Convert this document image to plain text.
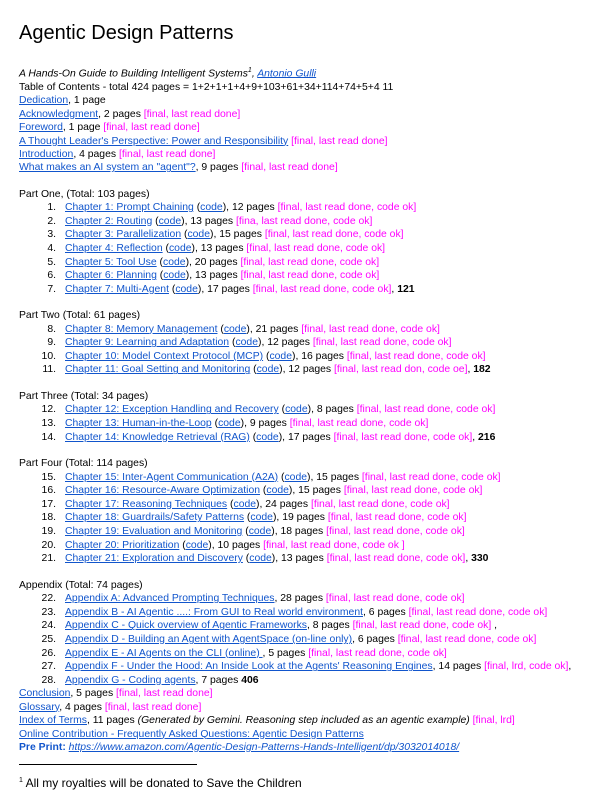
Agentic Design Patterns
A Hands-On Guide to Building Intelligent Systems$^1$, Antonio Gulli
Table of Contents - total 424 pages = 1+2+1+1+4+9+103+61+34+114+74+5+4 11
Dedication, 1 page
Acknowledgment, 2 pages [final, last read done]
Foreword, 1 page [final, last read done]
A Thought Leader's Perspective: Power and Responsibility [final, last read done]
Introduction, 4 pages [final, last read done]
What makes an AI system an "agent"?, 9 pages [final, last read done]
Part One, (Total: 103 pages)
1. Chapter 1: Prompt Chaining (code), 12 pages [final, last read done, code ok]
2. Chapter 2: Routing (code), 13 pages [fina, last read done, code ok]
3. Chapter 3: Parallelization (code), 15 pages [final, last read done, code ok]
4. Chapter 4: Reflection (code), 13 pages [final, last read done, code ok]
5. Chapter 5: Tool Use (code), 20 pages [final, last read done, code ok]
6. Chapter 6: Planning (code), 13 pages [final, last read done, code ok]
7. Chapter 7: Multi-Agent (code), 17 pages [final, last read done, code ok], 121
Part Two (Total: 61 pages)
8. Chapter 8: Memory Management (code), 21 pages [final, last read done, code ok]
9. Chapter 9: Learning and Adaptation (code), 12 pages [final, last read done, code ok]
10. Chapter 10: Model Context Protocol (MCP) (code), 16 pages [final, last read done, code ok]
11. Chapter 11: Goal Setting and Monitoring (code), 12 pages [final, last read don, code oe], 182
Part Three (Total: 34 pages)
12. Chapter 12: Exception Handling and Recovery (code), 8 pages [final, last read done, code ok]
13. Chapter 13: Human-in-the-Loop (code), 9 pages [final, last read done, code ok]
14. Chapter 14: Knowledge Retrieval (RAG) (code), 17 pages [final, last read done, code ok], 216
Part Four (Total: 114 pages)
15. Chapter 15: Inter-Agent Communication (A2A) (code), 15 pages [final, last read done, code ok]
16. Chapter 16: Resource-Aware Optimization (code), 15 pages [final, last read done, code ok]
17. Chapter 17: Reasoning Techniques (code), 24 pages [final, last read done, code ok]
18. Chapter 18: Guardrails/Safety Patterns (code), 19 pages [final, last read done, code ok]
19. Chapter 19: Evaluation and Monitoring (code), 18 pages [final, last read done, code ok]
20. Chapter 20: Prioritization (code), 10 pages [final, last read done, code ok ]
21. Chapter 21: Exploration and Discovery (code), 13 pages [final, last read done, code ok], 330
Appendix (Total: 74 pages)
22. Appendix A: Advanced Prompting Techniques, 28 pages [final, last read done, code ok]
23. Appendix B - AI Agentic ....: From GUI to Real world environment, 6 pages [final, last read done, code ok]
24. Appendix C - Quick overview of Agentic Frameworks, 8 pages [final, last read done, code ok] ,
25. Appendix D - Building an Agent with AgentSpace (on-line only), 6 pages [final, last read done, code ok]
26. Appendix E - AI Agents on the CLI (online) , 5 pages [final, last read done, code ok]
27. Appendix F - Under the Hood: An Inside Look at the Agents' Reasoning Engines, 14 pages [final, lrd, code ok],
28. Appendix G - Coding agents, 7 pages 406
Conclusion, 5 pages [final, last read done]
Glossary, 4 pages [final, last read done]
Index of Terms, 11 pages (Generated by Gemini. Reasoning step included as an agentic example) [final, lrd]
Online Contribution - Frequently Asked Questions: Agentic Design Patterns
Pre Print: https://www.amazon.com/Agentic-Design-Patterns-Hands-Intelligent/dp/3032014018/
$^1$ All my royalties will be donated to Save the Children
